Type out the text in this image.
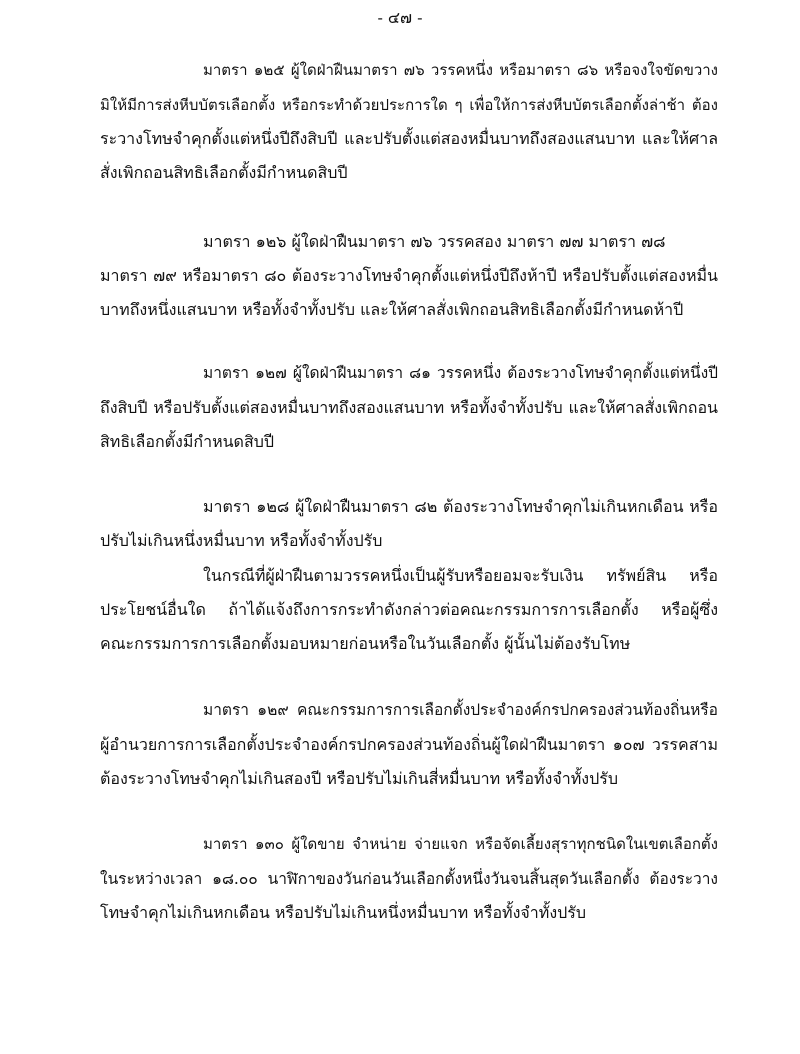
- ๔๗ -
มาตรา ๑๒๕ ผู้ใดฝ่าฝืนมาตรา ๗๖ วรรคหนึ่ง หรือมาตรา ๘๖ หรือจงใจขัดขวาง
มิให้มีการส่งหีบบัตรเลือกตั้ง หรือกระทำด้วยประการใด ๆ เพื่อให้การส่งหีบบัตรเลือกตั้งล่าช้า ต้อง
ระวางโทษจำคุกตั้งแต่หนึ่งปีถึงสิบปี และปรับตั้งแต่สองหมื่นบาทถึงสองแสนบาท และให้ศาล
สั่งเพิกถอนสิทธิเลือกตั้งมีกำหนดสิบปี
มาตรา ๑๒๖ ผู้ใดฝ่าฝืนมาตรา ๗๖ วรรคสอง มาตรา ๗๗ มาตรา ๗๘
มาตรา ๗๙ หรือมาตรา ๘๐ ต้องระวางโทษจำคุกตั้งแต่หนึ่งปีถึงห้าปี หรือปรับตั้งแต่สองหมื่น
บาทถึงหนึ่งแสนบาท หรือทั้งจำทั้งปรับ และให้ศาลสั่งเพิกถอนสิทธิเลือกตั้งมีกำหนดห้าปี
มาตรา ๑๒๗ ผู้ใดฝ่าฝืนมาตรา ๘๑ วรรคหนึ่ง ต้องระวางโทษจำคุกตั้งแต่หนึ่งปี
ถึงสิบปี หรือปรับตั้งแต่สองหมื่นบาทถึงสองแสนบาท หรือทั้งจำทั้งปรับ และให้ศาลสั่งเพิกถอน
สิทธิเลือกตั้งมีกำหนดสิบปี
มาตรา ๑๒๘ ผู้ใดฝ่าฝืนมาตรา ๘๒ ต้องระวางโทษจำคุกไม่เกินหกเดือน หรือ
ปรับไม่เกินหนึ่งหมื่นบาท หรือทั้งจำทั้งปรับ
ในกรณีที่ผู้ฝ่าฝืนตามวรรคหนึ่งเป็นผู้รับหรือยอมจะรับเงิน ทรัพย์สิน หรือ
ประโยชน์อื่นใด ถ้าได้แจ้งถึงการกระทำดังกล่าวต่อคณะกรรมการการเลือกตั้ง หรือผู้ซึ่ง
คณะกรรมการการเลือกตั้งมอบหมายก่อนหรือในวันเลือกตั้ง ผู้นั้นไม่ต้องรับโทษ
มาตรา ๑๒๙ คณะกรรมการการเลือกตั้งประจำองค์กรปกครองส่วนท้องถิ่นหรือ
ผู้อำนวยการการเลือกตั้งประจำองค์กรปกครองส่วนท้องถิ่นผู้ใดฝ่าฝืนมาตรา ๑๐๗ วรรคสาม
ต้องระวางโทษจำคุกไม่เกินสองปี หรือปรับไม่เกินสี่หมื่นบาท หรือทั้งจำทั้งปรับ
มาตรา ๑๓๐ ผู้ใดขาย จำหน่าย จ่ายแจก หรือจัดเลี้ยงสุราทุกชนิดในเขตเลือกตั้ง
ในระหว่างเวลา ๑๘.๐๐ นาฬิกาของวันก่อนวันเลือกตั้งหนึ่งวันจนสิ้นสุดวันเลือกตั้ง ต้องระวาง
โทษจำคุกไม่เกินหกเดือน หรือปรับไม่เกินหนึ่งหมื่นบาท หรือทั้งจำทั้งปรับ
